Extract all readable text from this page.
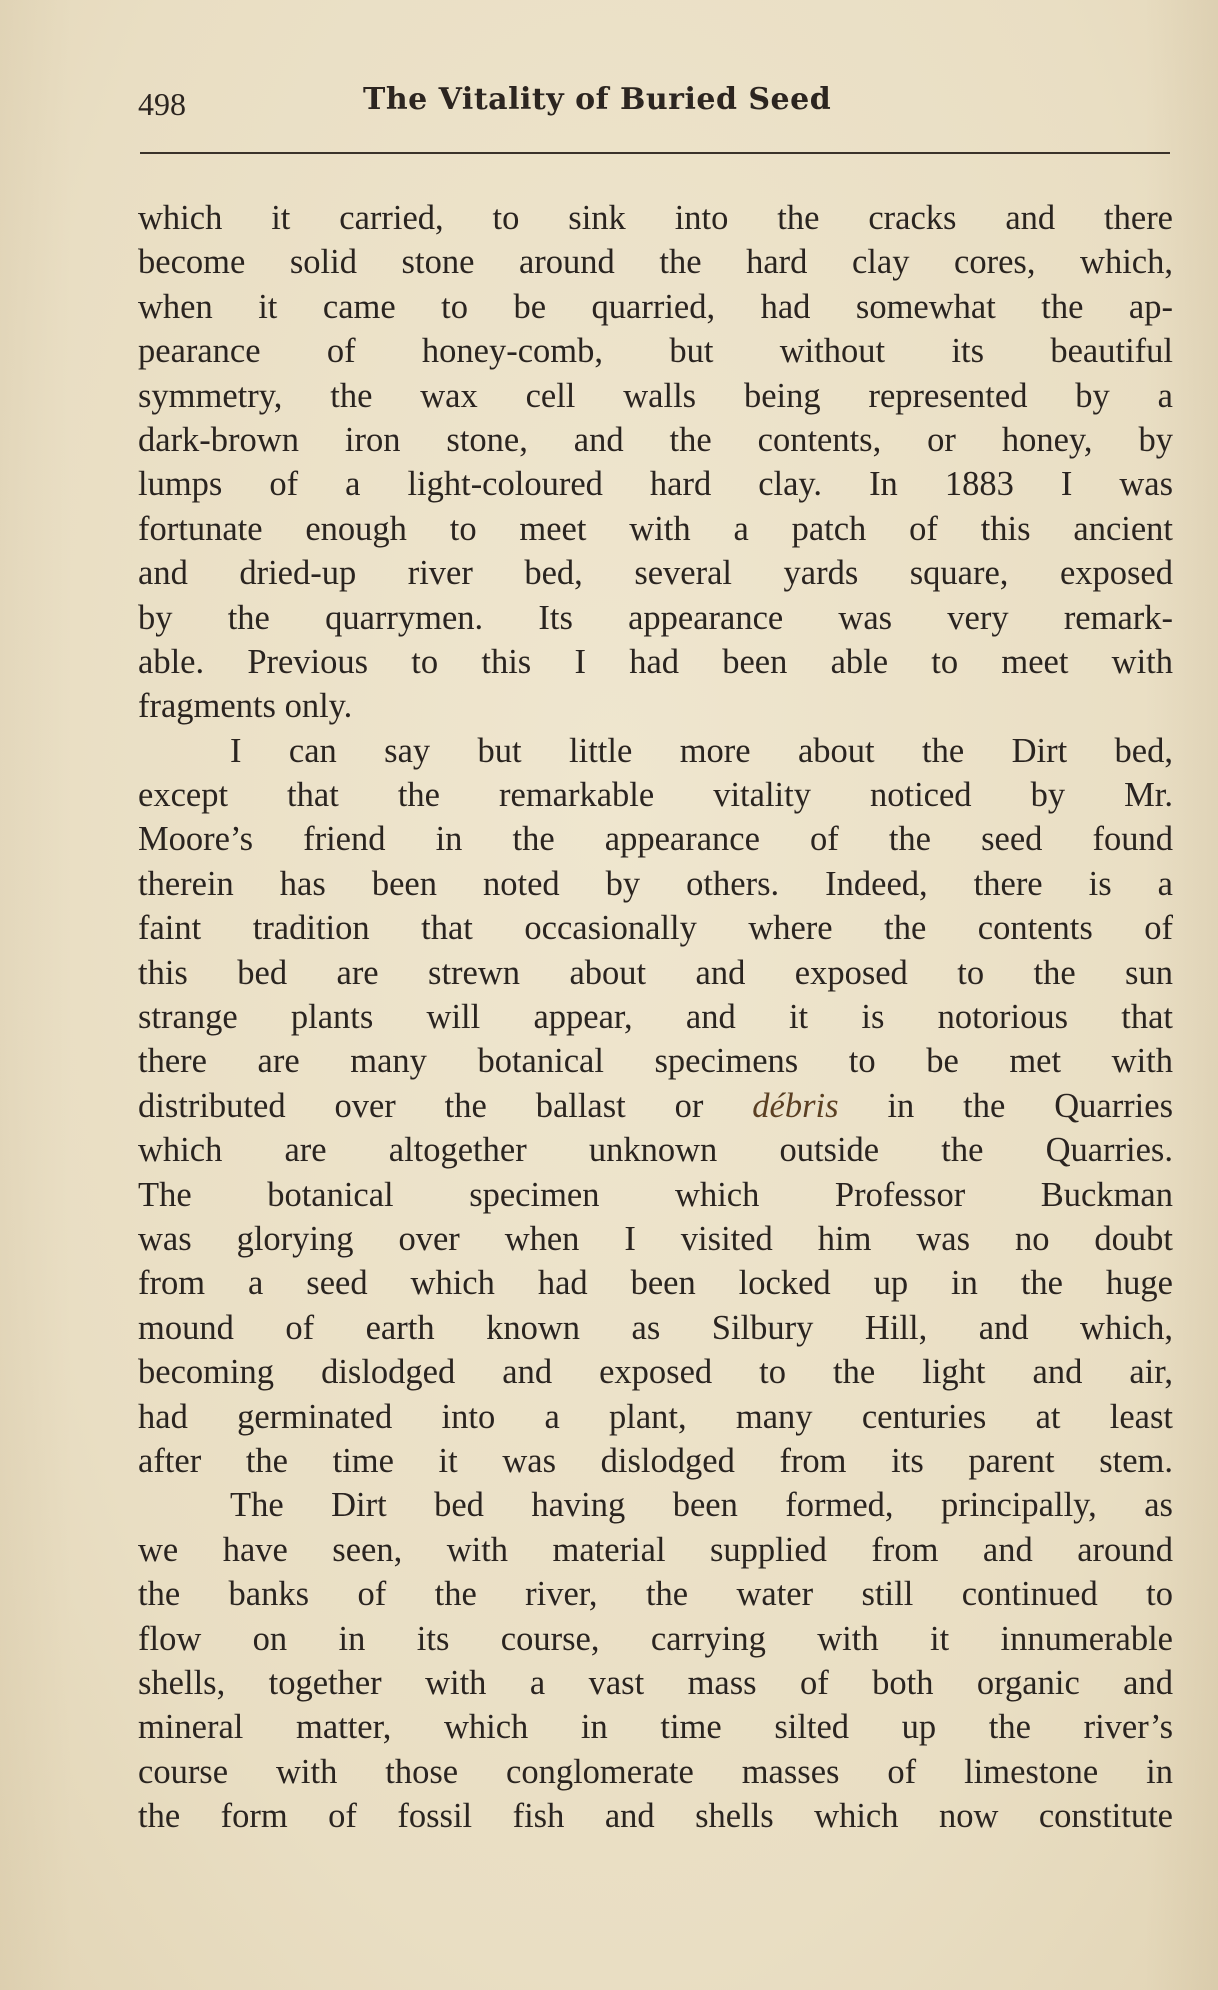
498	The Vitality of Buried Seed
which it carried, to sink into the cracks and there
become solid stone around the hard clay cores, which,
when it came to be quarried, had somewhat the ap-
pearance of honey-comb, but without its beautiful
symmetry, the wax cell walls being represented by a
dark-brown iron stone, and the contents, or honey, by
lumps of a light-coloured hard clay. In 1883 I was
fortunate enough to meet with a patch of this ancient
and dried-up river bed, several yards square, exposed
by the quarrymen. Its appearance was very remark-
able. Previous to this I had been able to meet with
fragments only.
I can say but little more about the Dirt bed,
except that the remarkable vitality noticed by Mr.
Moore’s friend in the appearance of the seed found
therein has been noted by others. Indeed, there is a
faint tradition that occasionally where the contents of
this bed are strewn about and exposed to the sun
strange plants will appear, and it is notorious that
there are many botanical specimens to be met with
distributed over the ballast or débris in the Quarries
which are altogether unknown outside the Quarries.
The botanical specimen which Professor Buckman
was glorying over when I visited him was no doubt
from a seed which had been locked up in the huge
mound of earth known as Silbury Hill, and which,
becoming dislodged and exposed to the light and air,
had germinated into a plant, many centuries at least
after the time it was dislodged from its parent stem.
The Dirt bed having been formed, principally, as
we have seen, with material supplied from and around
the banks of the river, the water still continued to
flow on in its course, carrying with it innumerable
shells, together with a vast mass of both organic and
mineral matter, which in time silted up the river’s
course with those conglomerate masses of limestone in
the form of fossil fish and shells which now constitute
